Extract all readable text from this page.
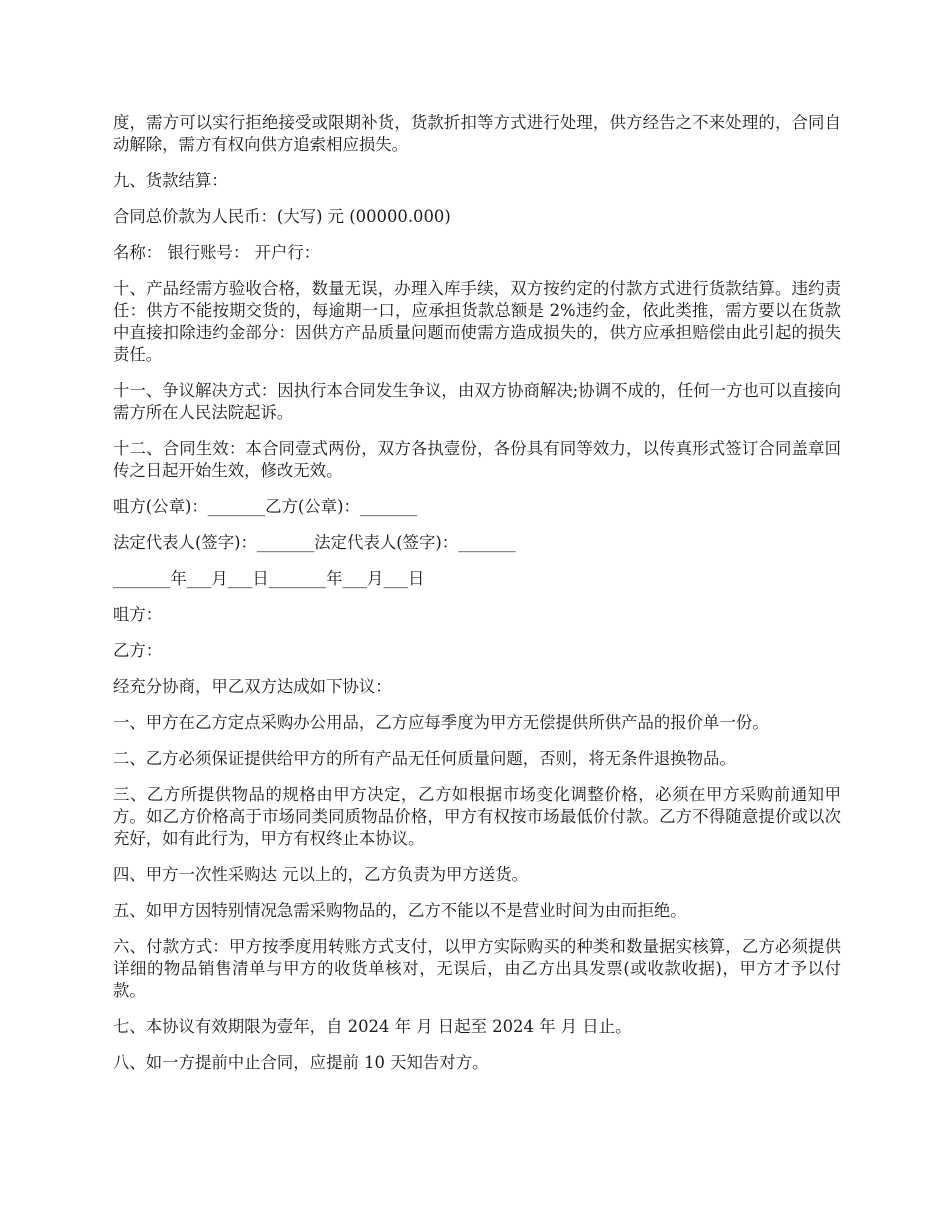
度，需方可以实行拒绝接受或限期补货，货款折扣等方式进行处理，供方经告之不来处理的，合同自动解除，需方有权向供方追索相应损失。

九、货款结算：

合同总价款为人民币：(大写) 元 (00000.000)

名称： 银行账号： 开户行：

十、产品经需方验收合格，数量无误，办理入库手续，双方按约定的付款方式进行货款结算。违约责任：供方不能按期交货的，每逾期一口，应承担货款总额是 2%违约金，依此类推，需方要以在货款中直接扣除违约金部分：因供方产品质量问题而使需方造成损失的，供方应承担赔偿由此引起的损失责任。

十一、争议解决方式：因执行本合同发生争议，由双方协商解决;协调不成的，任何一方也可以直接向需方所在人民法院起诉。

十二、合同生效：本合同壹式两份，双方各执壹份，各份具有同等效力，以传真形式签订合同盖章回传之日起开始生效，修改无效。

咀方(公章)：_______乙方(公章)：_______

法定代表人(签字)：_______法定代表人(签字)：_______

_______年___月___日_______年___月___日

咀方：

乙方：

经充分协商，甲乙双方达成如下协议：

一、甲方在乙方定点采购办公用品，乙方应每季度为甲方无偿提供所供产品的报价单一份。

二、乙方必须保证提供给甲方的所有产品无任何质量问题，否则，将无条件退换物品。

三、乙方所提供物品的规格由甲方决定，乙方如根据市场变化调整价格，必须在甲方采购前通知甲方。如乙方价格高于市场同类同质物品价格，甲方有权按市场最低价付款。乙方不得随意提价或以次充好，如有此行为，甲方有权终止本协议。

四、甲方一次性采购达 元以上的，乙方负责为甲方送货。

五、如甲方因特别情况急需采购物品的，乙方不能以不是营业时间为由而拒绝。

六、付款方式：甲方按季度用转账方式支付，以甲方实际购买的种类和数量据实核算，乙方必须提供详细的物品销售清单与甲方的收货单核对，无误后，由乙方出具发票(或收款收据)，甲方才予以付款。

七、本协议有效期限为壹年，自 2024 年 月 日起至 2024 年 月 日止。

八、如一方提前中止合同，应提前 10 天知告对方。
